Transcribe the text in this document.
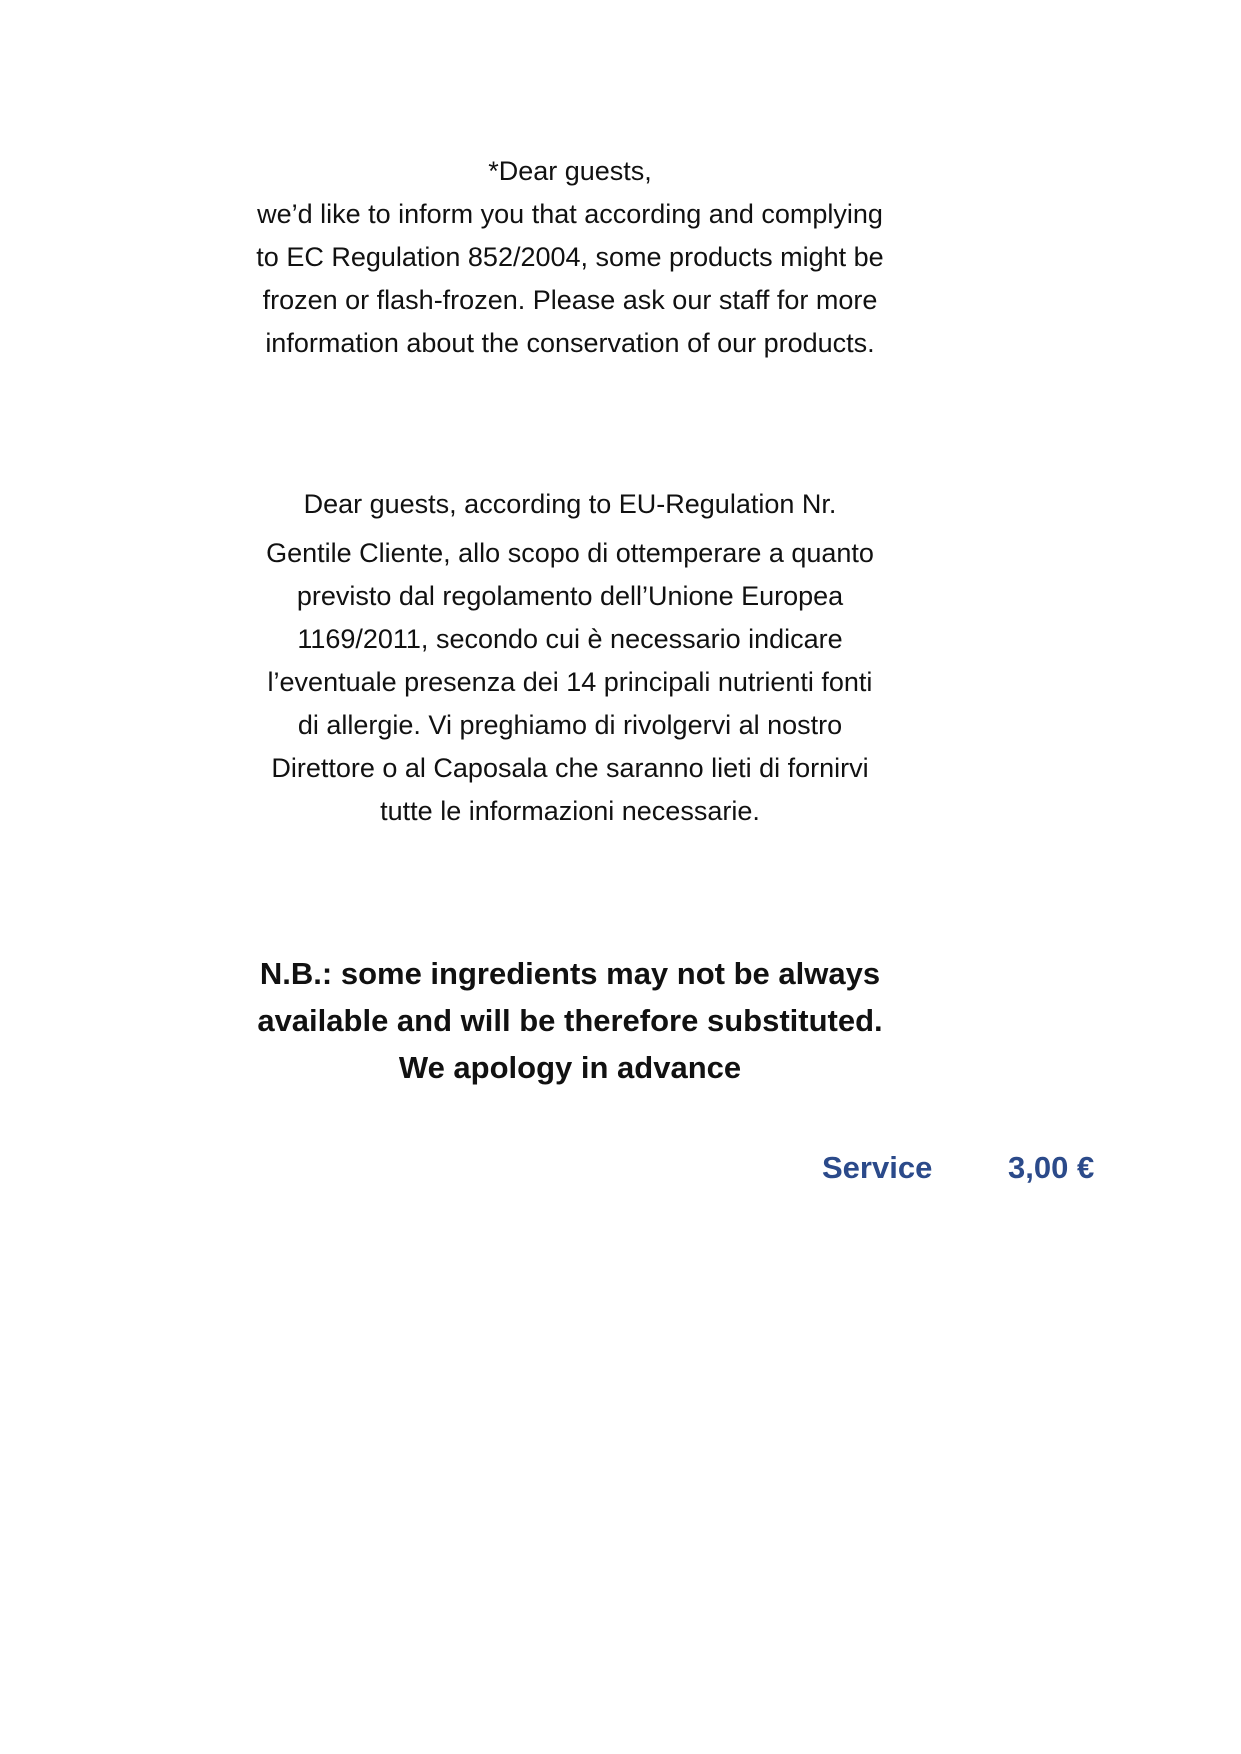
*Dear guests,
we’d like to inform you that according and complying
to EC Regulation 852/2004, some products might be
frozen or flash-frozen. Please ask our staff for more
information about the conservation of our products.
Dear guests, according to EU-Regulation Nr.
Gentile Cliente, allo scopo di ottemperare a quanto
previsto dal regolamento dell’Unione Europea
1169/2011, secondo cui è necessario indicare
l’eventuale presenza dei 14 principali nutrienti fonti
di allergie. Vi preghiamo di rivolgervi al nostro
Direttore o al Caposala che saranno lieti di fornirvi
tutte le informazioni necessarie.
N.B.: some ingredients may not be always
available and will be therefore substituted.
We apology in advance
Service 3,00 €
